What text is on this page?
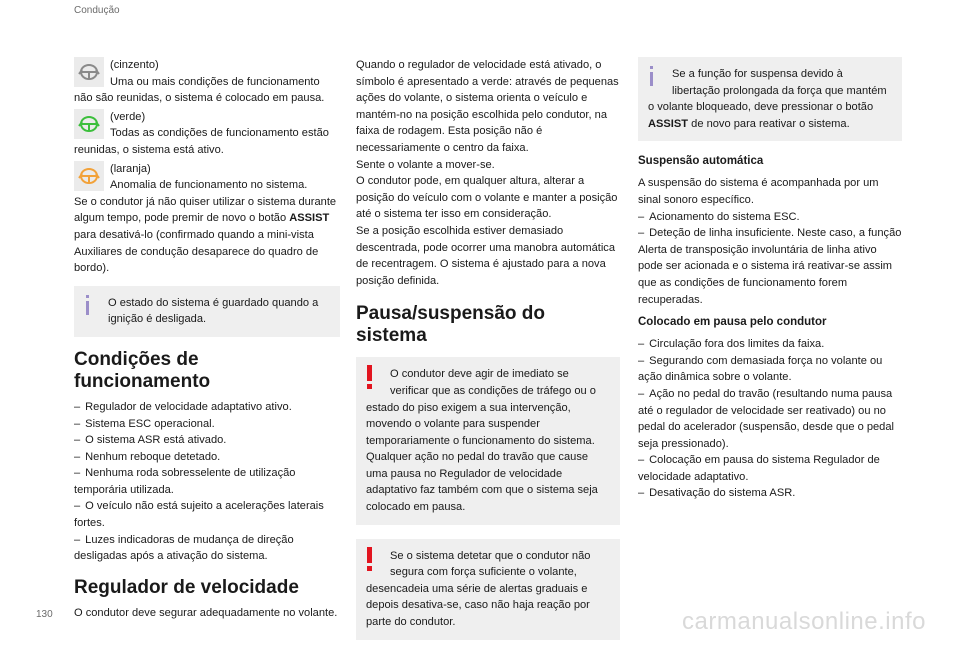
Condução

(cinzento)

Uma ou mais condições de funcionamento

não são reunidas, o sistema é colocado em pausa.

(verde)

Todas as condições de funcionamento estão

reunidas, o sistema está ativo.

(laranja)

Anomalia de funcionamento no sistema.

Se o condutor já não quiser utilizar o sistema durante algum tempo, pode premir de novo o botão ASSIST para desativá-lo (confirmado quando a mini-vista Auxiliares de condução desaparece do quadro de bordo).

O estado do sistema é guardado quando a

ignição é desligada.

Condições de funcionamento

– Regulador de velocidade adaptativo ativo.

– Sistema ESC operacional.

– O sistema ASR está ativado.

– Nenhum reboque detetado.

– Nenhuma roda sobresselente de utilização temporária utilizada.

– O veículo não está sujeito a acelerações laterais fortes.

– Luzes indicadoras de mudança de direção desligadas após a ativação do sistema.

Regulador de velocidade

O condutor deve segurar adequadamente no volante.

Quando o regulador de velocidade está ativado, o símbolo é apresentado a verde: através de pequenas ações do volante, o sistema orienta o veículo e mantém-no na posição escolhida pelo condutor, na faixa de rodagem. Esta posição não é necessariamente o centro da faixa.

Sente o volante a mover-se.

O condutor pode, em qualquer altura, alterar a posição do veículo com o volante e manter a posição até o sistema ter isso em consideração.

Se a posição escolhida estiver demasiado descentrada, pode ocorrer uma manobra automática de recentragem. O sistema é ajustado para a nova posição definida.

Pausa/suspensão do sistema

O condutor deve agir de imediato se

verificar que as condições de tráfego ou o

estado do piso exigem a sua intervenção, movendo o volante para suspender temporariamente o funcionamento do sistema. Qualquer ação no pedal do travão que cause uma pausa no Regulador de velocidade adaptativo faz também com que o sistema seja colocado em pausa.

Se o sistema detetar que o condutor não

segura com força suficiente o volante,

desencadeia uma série de alertas graduais e depois desativa-se, caso não haja reação por parte do condutor.

Se a função for suspensa devido à

libertação prolongada da força que mantém

o volante bloqueado, deve pressionar o botão

ASSIST de novo para reativar o sistema.

Suspensão automática

A suspensão do sistema é acompanhada por um sinal sonoro específico.

– Acionamento do sistema ESC.

– Deteção de linha insuficiente. Neste caso, a função Alerta de transposição involuntária de linha ativo pode ser acionada e o sistema irá reativar-se assim que as condições de funcionamento forem recuperadas.

Colocado em pausa pelo condutor

– Circulação fora dos limites da faixa.

– Segurando com demasiada força no volante ou ação dinâmica sobre o volante.

– Ação no pedal do travão (resultando numa pausa até o regulador de velocidade ser reativado) ou no pedal do acelerador (suspensão, desde que o pedal seja pressionado).

– Colocação em pausa do sistema Regulador de velocidade adaptativo.

– Desativação do sistema ASR.

130	carmanualsonline.info
